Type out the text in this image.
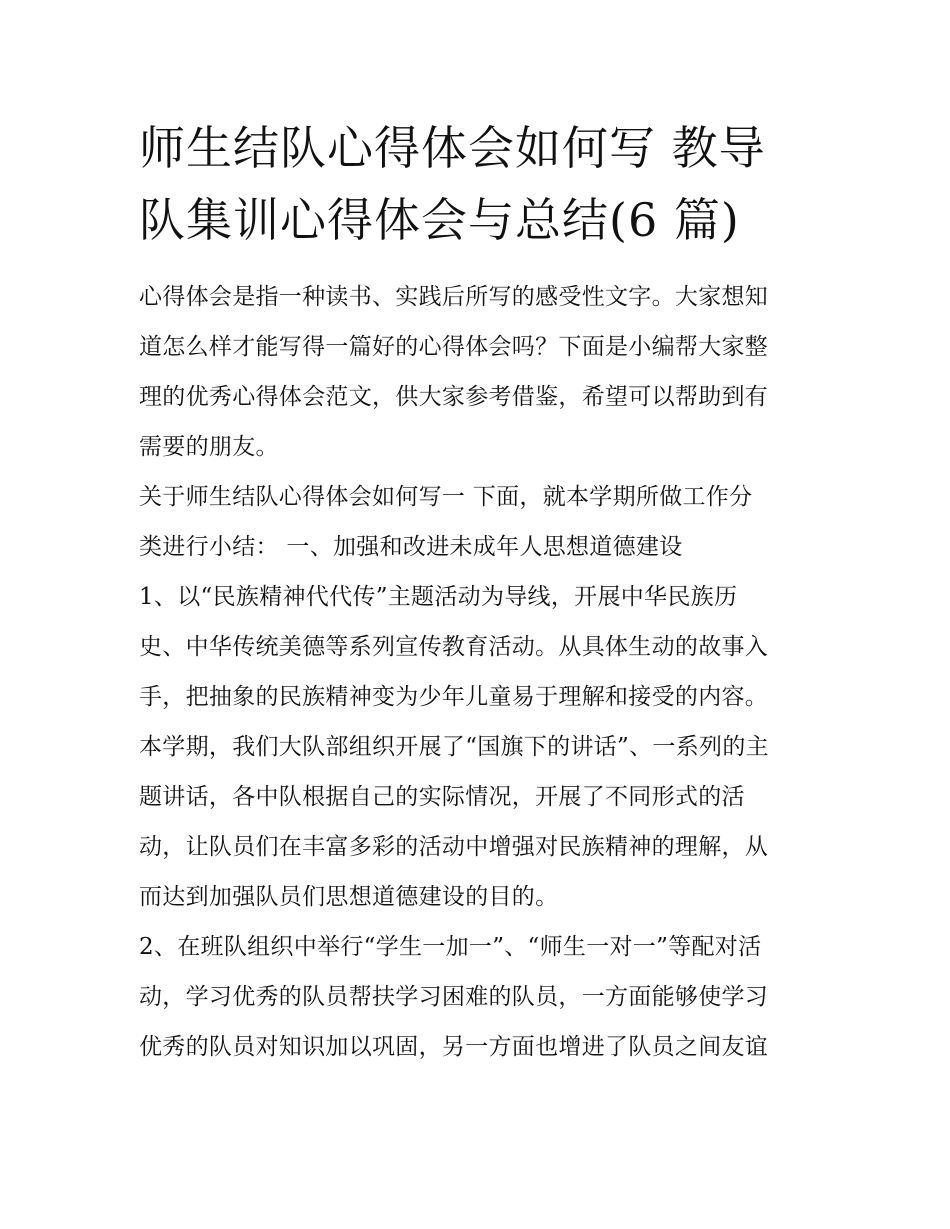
师生结队心得体会如何写 教导
队集训心得体会与总结(6 篇)

心得体会是指一种读书、实践后所写的感受性文字。大家想知
道怎么样才能写得一篇好的心得体会吗？下面是小编帮大家整
理的优秀心得体会范文，供大家参考借鉴，希望可以帮助到有
需要的朋友。

关于师生结队心得体会如何写一 下面，就本学期所做工作分
类进行小结： 一、加强和改进未成年人思想道德建设

1、以“民族精神代代传”主题活动为导线，开展中华民族历
史、中华传统美德等系列宣传教育活动。从具体生动的故事入
手，把抽象的民族精神变为少年儿童易于理解和接受的内容。
本学期，我们大队部组织开展了“国旗下的讲话”、一系列的主
题讲话，各中队根据自己的实际情况，开展了不同形式的活
动，让队员们在丰富多彩的活动中增强对民族精神的理解，从
而达到加强队员们思想道德建设的目的。

2、在班队组织中举行“学生一加一”、“师生一对一”等配对活
动，学习优秀的队员帮扶学习困难的队员，一方面能够使学习
优秀的队员对知识加以巩固，另一方面也增进了队员之间友谊
